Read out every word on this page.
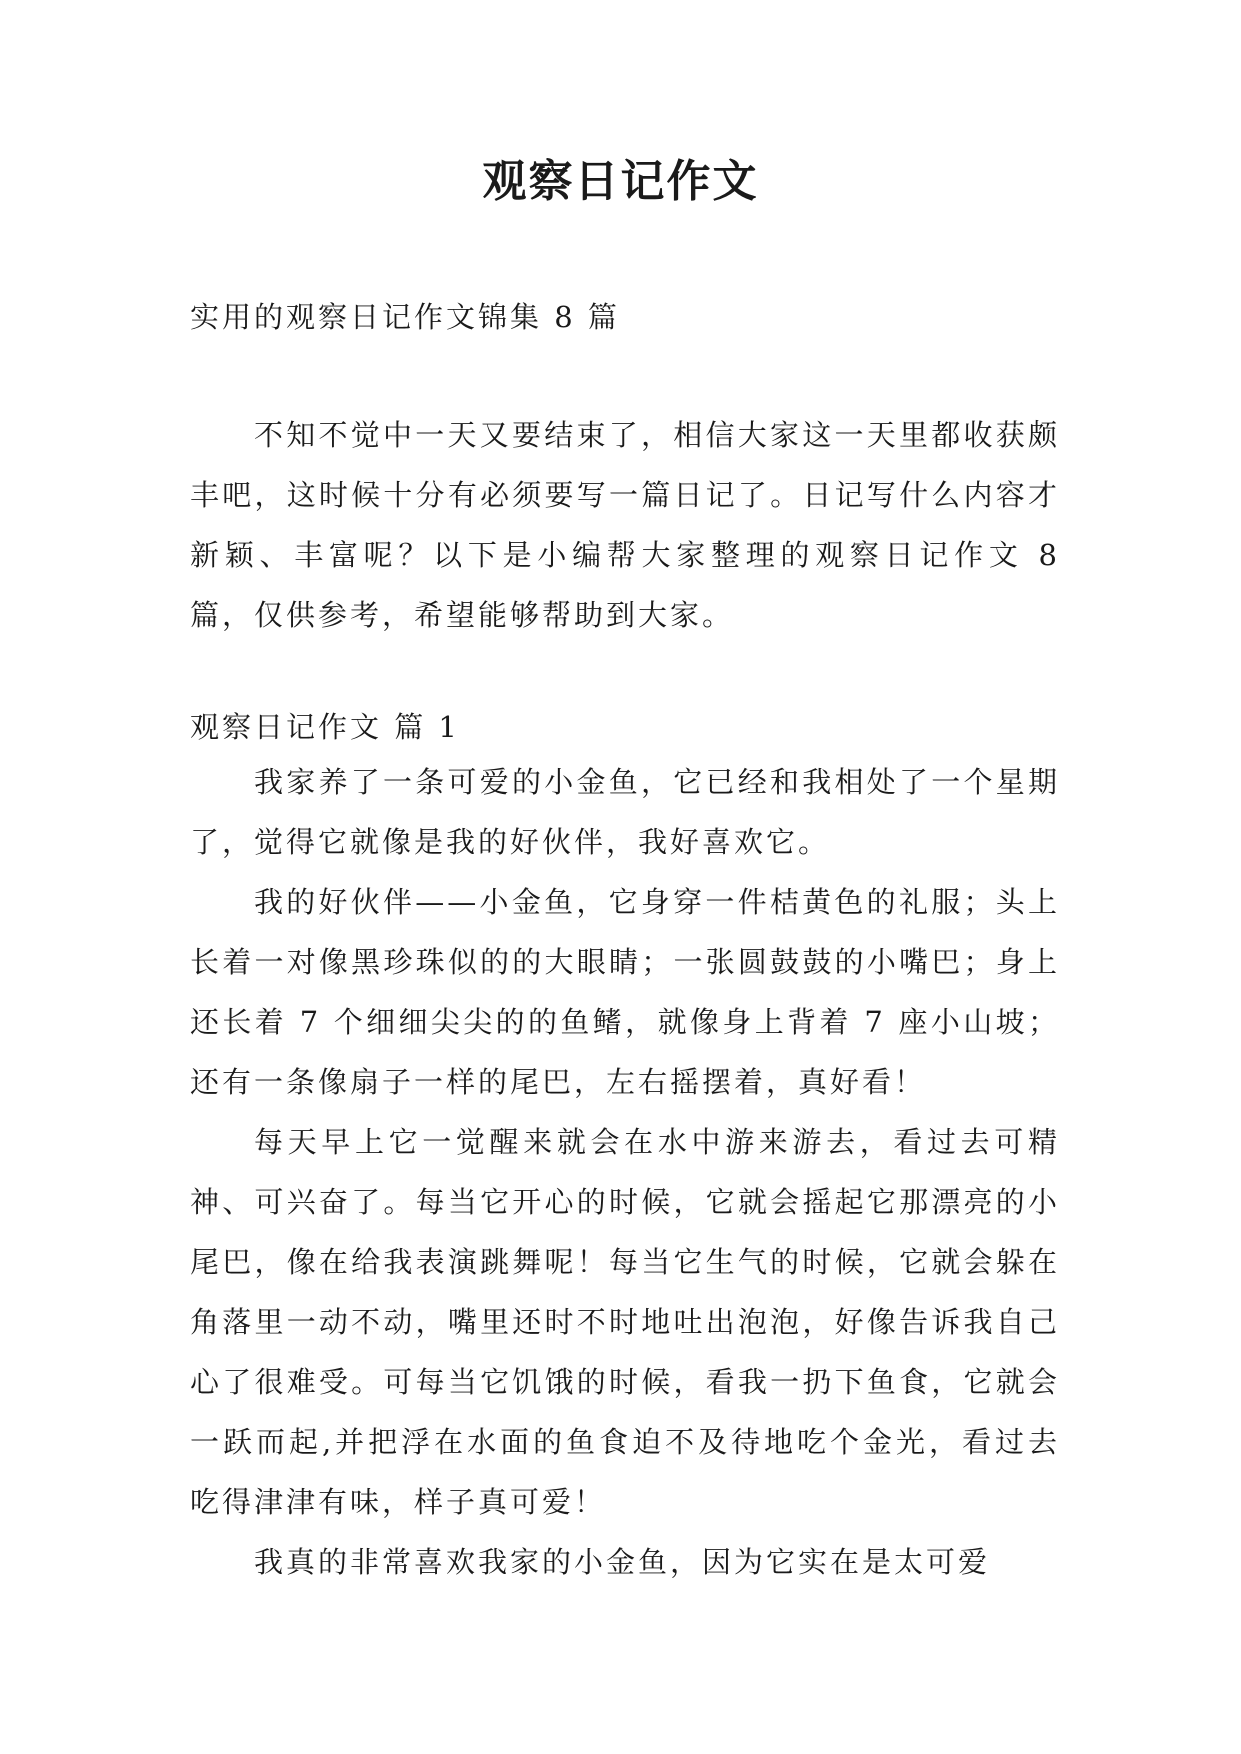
观察日记作文

实用的观察日记作文锦集 8 篇

不知不觉中一天又要结束了，相信大家这一天里都收获颇丰吧，这时候十分有必须要写一篇日记了。日记写什么内容才新颖、丰富呢？以下是小编帮大家整理的观察日记作文 8 篇，仅供参考，希望能够帮助到大家。

观察日记作文 篇 1

我家养了一条可爱的小金鱼，它已经和我相处了一个星期了，觉得它就像是我的好伙伴，我好喜欢它。

我的好伙伴——小金鱼，它身穿一件桔黄色的礼服；头上长着一对像黑珍珠似的的大眼睛；一张圆鼓鼓的小嘴巴；身上还长着 7 个细细尖尖的的鱼鳍，就像身上背着 7 座小山坡；还有一条像扇子一样的尾巴，左右摇摆着，真好看！

每天早上它一觉醒来就会在水中游来游去，看过去可精神、可兴奋了。每当它开心的时候，它就会摇起它那漂亮的小尾巴，像在给我表演跳舞呢！每当它生气的时候，它就会躲在角落里一动不动，嘴里还时不时地吐出泡泡，好像告诉我自己心了很难受。可每当它饥饿的时候，看我一扔下鱼食，它就会一跃而起,并把浮在水面的鱼食迫不及待地吃个金光，看过去吃得津津有味，样子真可爱！

我真的非常喜欢我家的小金鱼，因为它实在是太可爱
